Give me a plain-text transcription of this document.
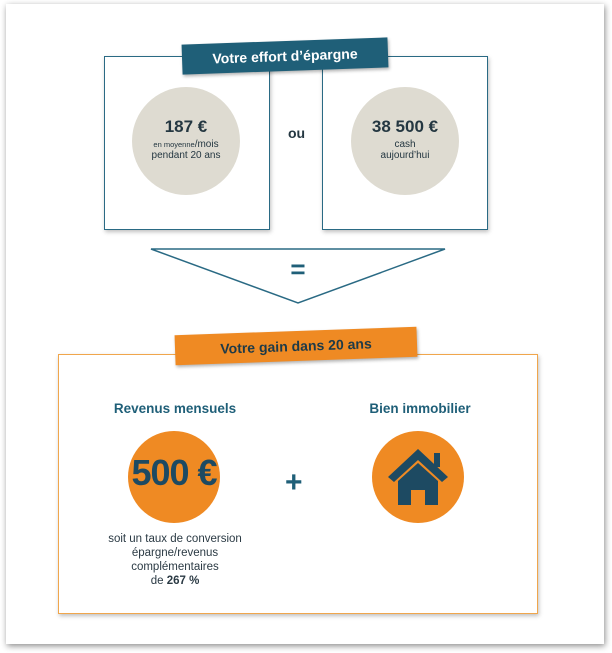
187 €
en moyenne/mois
pendant 20 ans
ou	38 500 €
cash
aujourd’hui
Votre effort d’épargne
=
Votre gain dans 20 ans
Revenus mensuels	Bien immobilier
500 € +
soit un taux de conversion
épargne/revenus
complémentaires
de 267 %
